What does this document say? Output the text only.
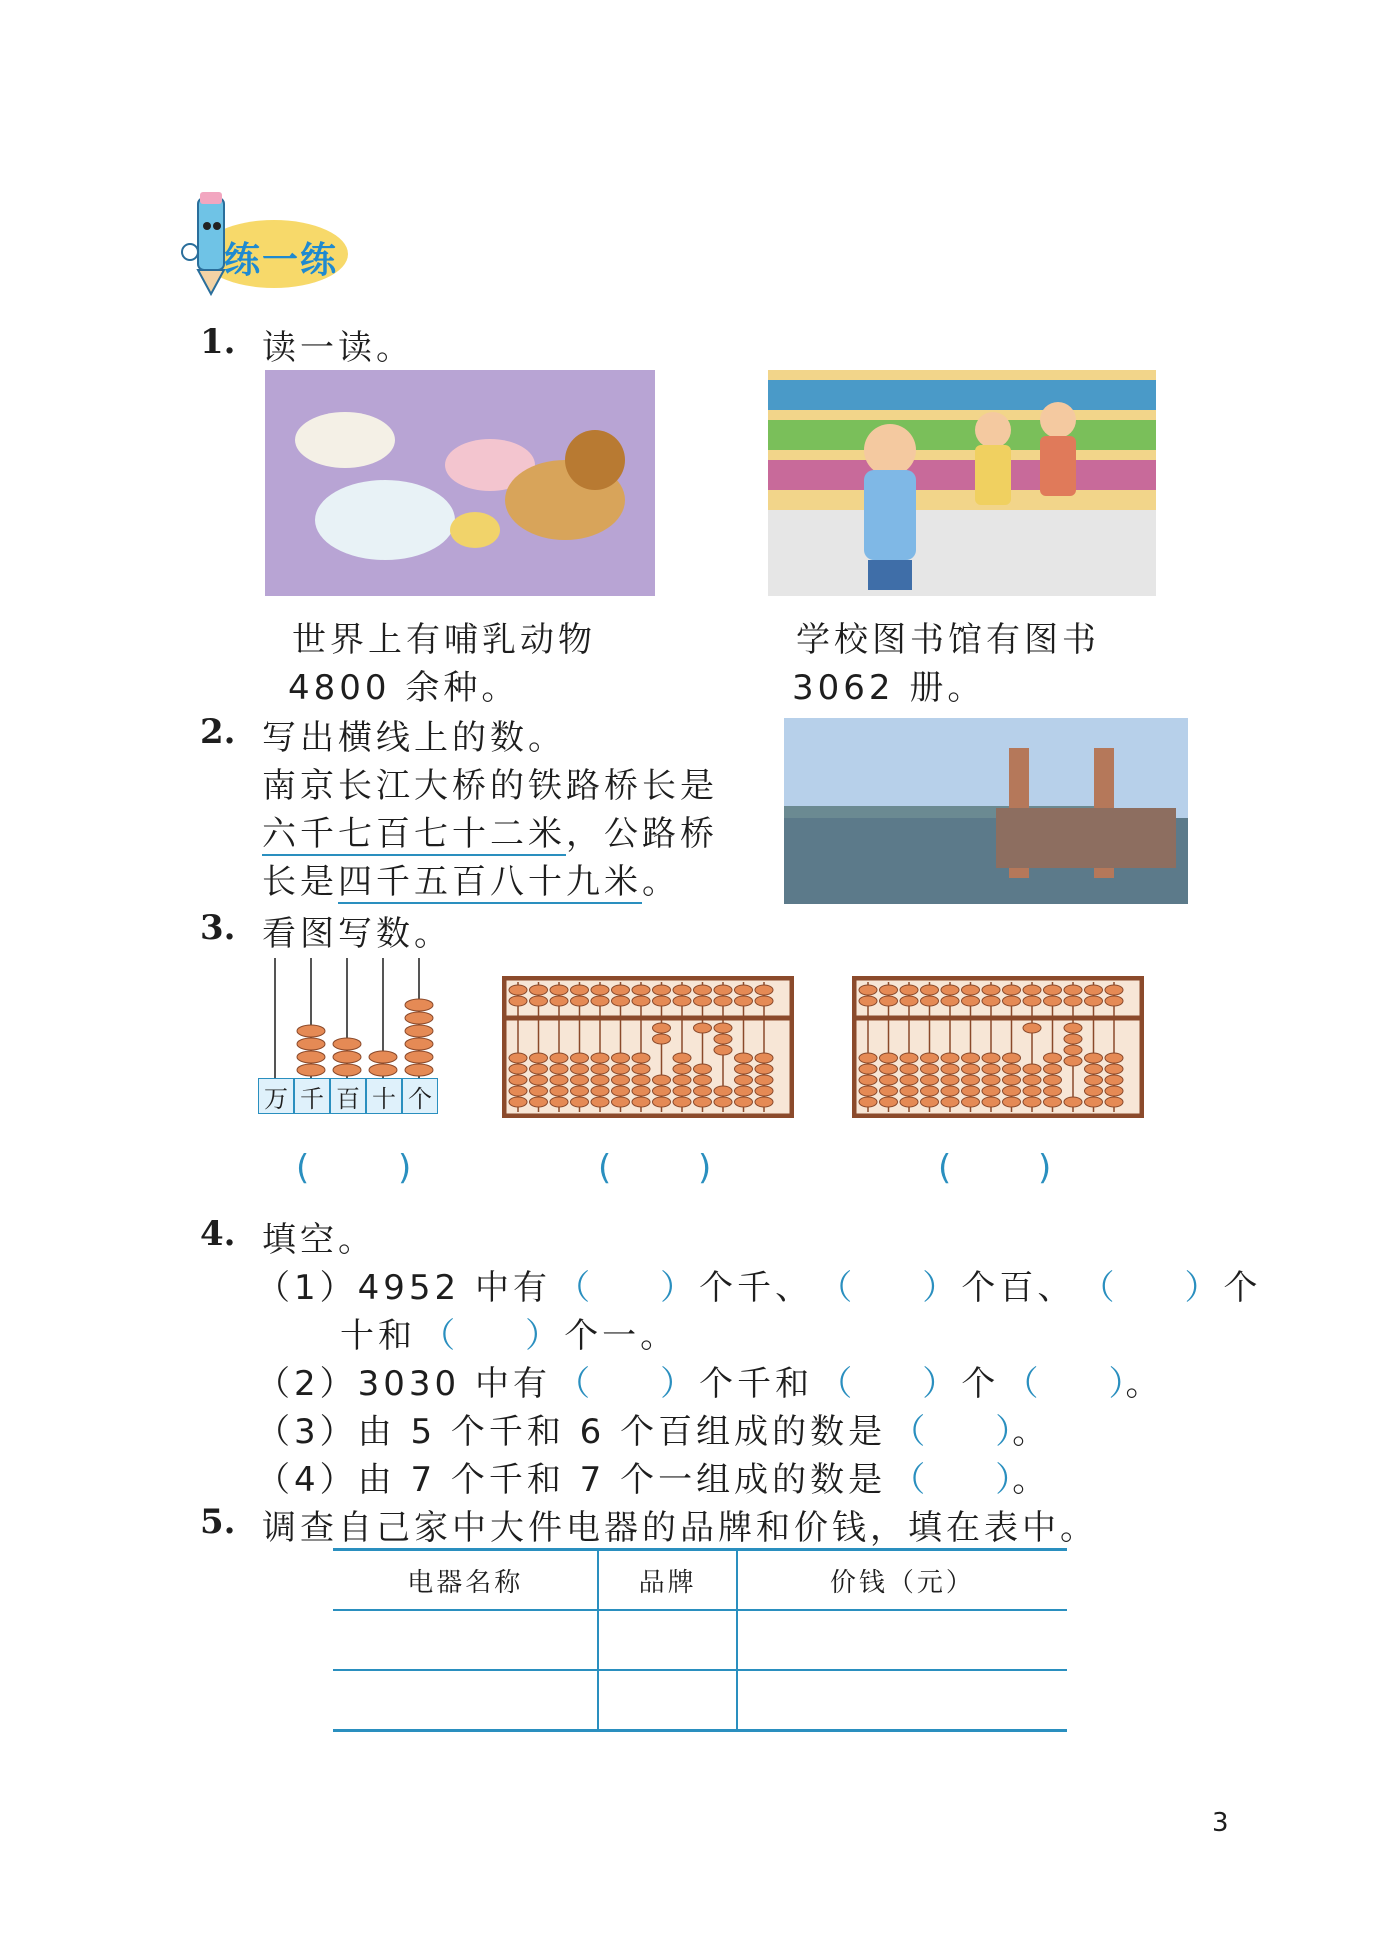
练一练
1. 读一读。
世界上有哺乳动物
4800 余种。
学校图书馆有图书
3062 册。
2. 写出横线上的数。
南京长江大桥的铁路桥长是
六千七百七十二米，公路桥
长是四千五百八十九米。
3. 看图写数。
万 千 百 十 个
(	)	(	)	(	)
4. 填空。
（1）4952 中有 （ ） 个千、 （ ） 个百、 （ ） 个
十和 （ ） 个一。
（2）3030 中有 （ ） 个千和 （ ） 个 （ ）。
（3）由 5 个千和 6 个百组成的数是 （ ）。
（4）由 7 个千和 7 个一组成的数是 （ ）。
5. 调查自己家中大件电器的品牌和价钱，填在表中。
电器名称	品牌	价钱（元）

3
